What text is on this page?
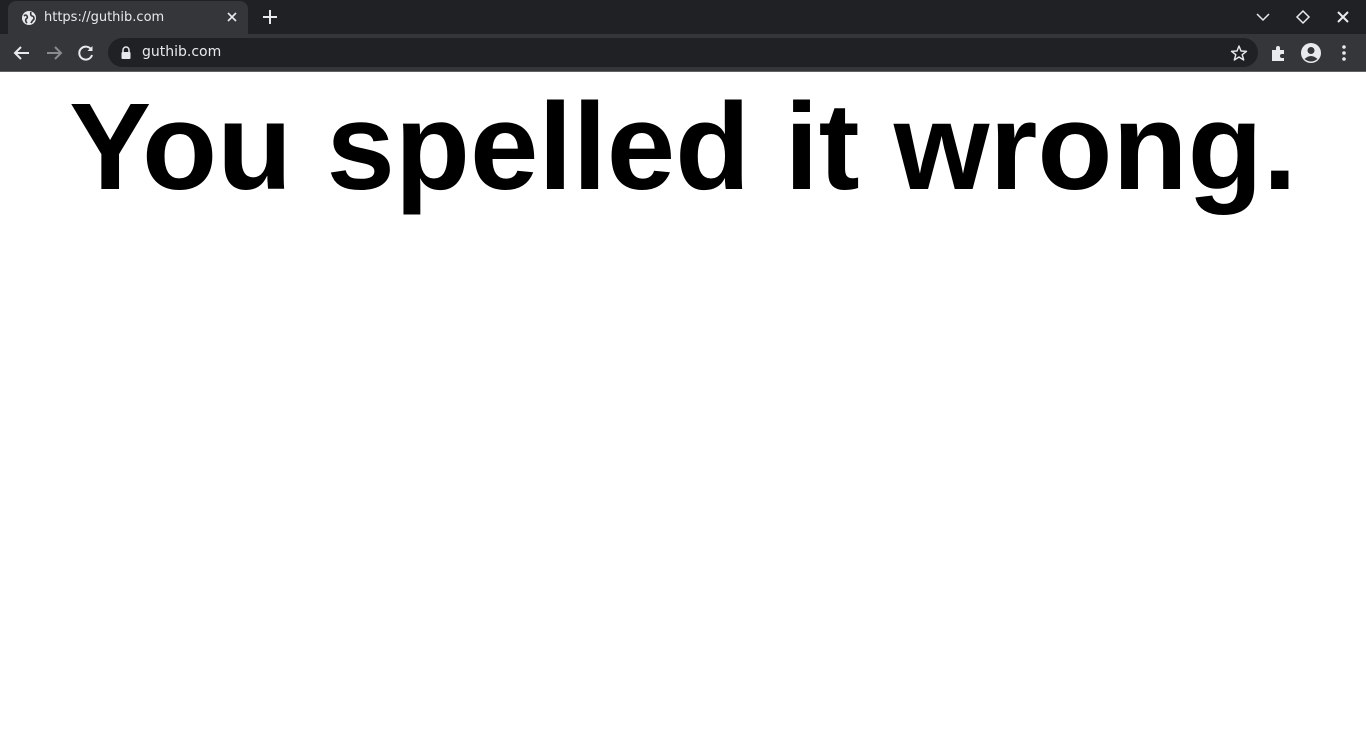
https://guthib.com
guthib.com
You spelled it wrong.
